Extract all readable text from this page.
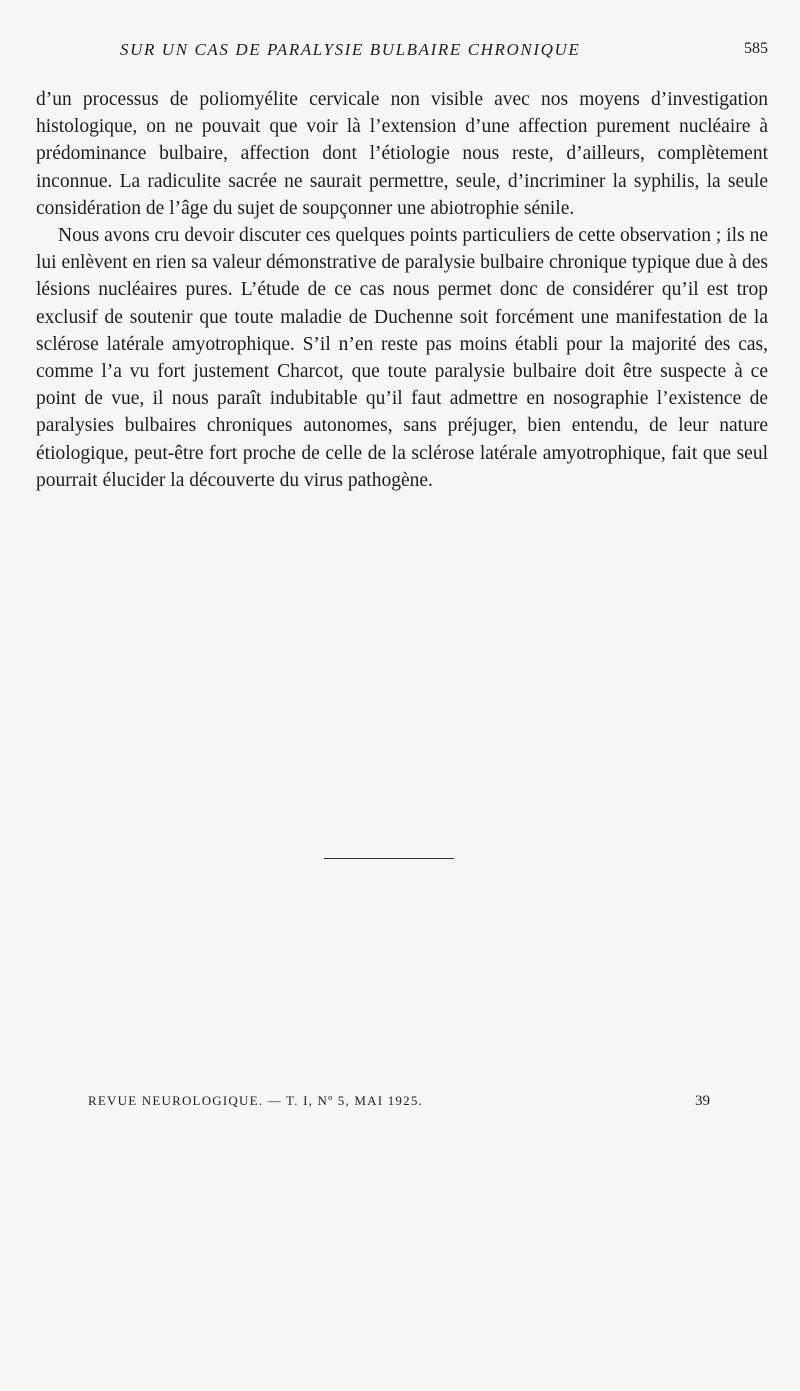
SUR UN CAS DE PARALYSIE BULBAIRE CHRONIQUE	585

d’un processus de poliomyélite cervicale non visible avec nos moyens d’investigation histologique, on ne pouvait que voir là l’extension d’une affection purement nucléaire à prédominance bulbaire, affection dont l’étiologie nous reste, d’ailleurs, complètement inconnue. La radiculite sacrée ne saurait permettre, seule, d’incriminer la syphilis, la seule considération de l’âge du sujet de soupçonner une abiotrophie sénile.

Nous avons cru devoir discuter ces quelques points particuliers de cette observation ; ils ne lui enlèvent en rien sa valeur démonstrative de paralysie bulbaire chronique typique due à des lésions nucléaires pures. L’étude de ce cas nous permet donc de considérer qu’il est trop exclusif de soutenir que toute maladie de Duchenne soit forcément une manifestation de la sclérose latérale amyotrophique. S’il n’en reste pas moins établi pour la majorité des cas, comme l’a vu fort justement Charcot, que toute paralysie bulbaire doit être suspecte à ce point de vue, il nous paraît indubitable qu’il faut admettre en nosographie l’existence de paralysies bulbaires chroniques autonomes, sans préjuger, bien entendu, de leur nature étiologique, peut-être fort proche de celle de la sclérose latérale amyotrophique, fait que seul pourrait élucider la découverte du virus pathogène.

REVUE NEUROLOGIQUE. — T. I, Nº 5, MAI 1925.	39
